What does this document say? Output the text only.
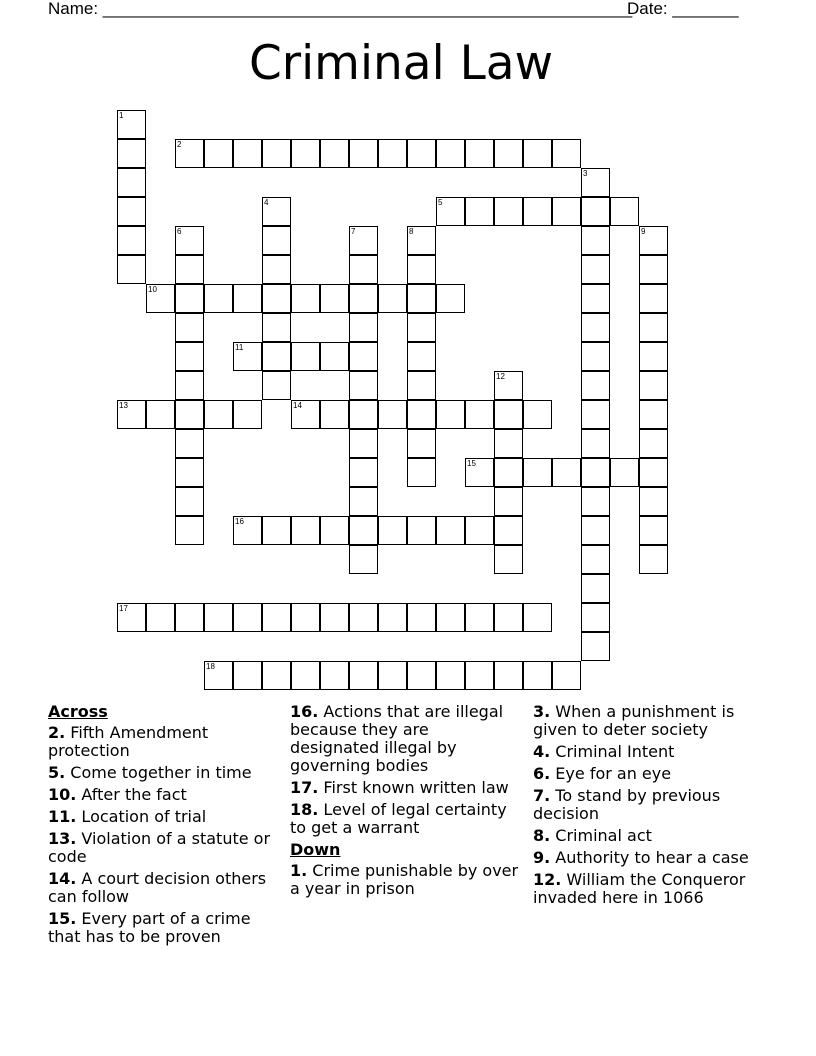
Name: ________________________________________________________
Date: _______
Criminal Law
1
2
3
4	5
6	7	8	9
10
11
12
13	14
15
16
17
18
Across
2. Fifth Amendment protection
5. Come together in time
10. After the fact
11. Location of trial
13. Violation of a statute or code
14. A court decision others can follow
15. Every part of a crime that has to be proven
16. Actions that are illegal because they are designated illegal by governing bodies
17. First known written law
18. Level of legal certainty to get a warrant
Down
1. Crime punishable by over a year in prison
3. When a punishment is given to deter society
4. Criminal Intent
6. Eye for an eye
7. To stand by previous decision
8. Criminal act
9. Authority to hear a case
12. William the Conqueror invaded here in 1066
